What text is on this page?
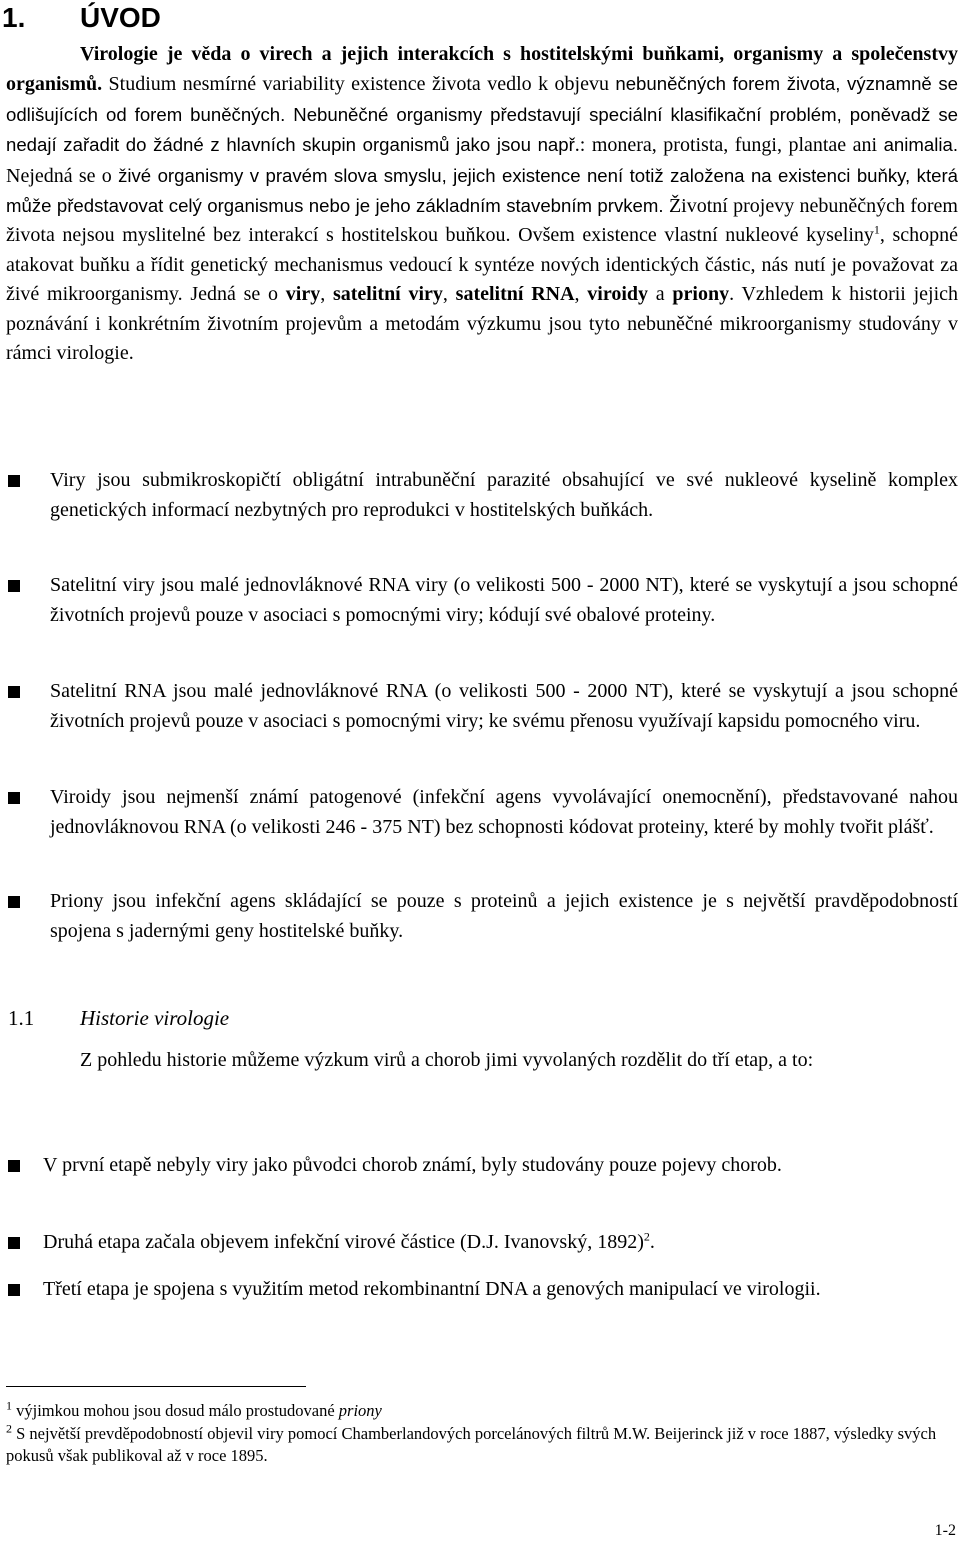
1. ÚVOD
Virologie je věda o virech a jejich interakcích s hostitelskými buňkami, organismy a společenstvy organismů. Studium nesmírné variability existence života vedlo k objevu nebuněčných forem života, významně se odlišujících od forem buněčných. Nebuněčné organismy představují speciální klasifikační problém, poněvadž se nedají zařadit do žádné z hlavních skupin organismů jako jsou např.: monera, protista, fungi, plantae ani animalia. Nejedná se o živé organismy v pravém slova smyslu, jejich existence není totiž založena na existenci buňky, která může představovat celý organismus nebo je jeho základním stavebním prvkem. Životní projevy nebuněčných forem života nejsou myslitelné bez interakcí s hostitelskou buňkou. Ovšem existence vlastní nukleové kyseliny$^1$, schopné atakovat buňku a řídit genetický mechanismus vedoucí k syntéze nových identických částic, nás nutí je považovat za živé mikroorganismy. Jedná se o viry, satelitní viry, satelitní RNA, viroidy a priony. Vzhledem k historii jejich poznávání i konkrétním životním projevům a metodám výzkumu jsou tyto nebuněčné mikroorganismy studovány v rámci virologie.
Viry jsou submikroskopičtí obligátní intrabuněční parazité obsahující ve své nukleové kyselině komplex genetických informací nezbytných pro reprodukci v hostitelských buňkách.
Satelitní viry jsou malé jednovláknové RNA viry (o velikosti 500 - 2000 NT), které se vyskytují a jsou schopné životních projevů pouze v asociaci s pomocnými viry; kódují své obalové proteiny.
Satelitní RNA jsou malé jednovláknové RNA (o velikosti 500 - 2000 NT), které se vyskytují a jsou schopné životních projevů pouze v asociaci s pomocnými viry; ke svému přenosu využívají kapsidu pomocného viru.
Viroidy jsou nejmenší známí patogenové (infekční agens vyvolávající onemocnění), představované nahou jednovláknovou RNA (o velikosti 246 - 375 NT) bez schopnosti kódovat proteiny, které by mohly tvořit plášť.
Priony jsou infekční agens skládající se pouze s proteinů a jejich existence je s největší pravděpodobností spojena s jadernými geny hostitelské buňky.
1.1 Historie virologie
Z pohledu historie můžeme výzkum virů a chorob jimi vyvolaných rozdělit do tří etap, a to:
V první etapě nebyly viry jako původci chorob známí, byly studovány pouze pojevy chorob.
Druhá etapa začala objevem infekční virové částice (D.J. Ivanovský, 1892)$^2$.
Třetí etapa je spojena s využitím metod rekombinantní DNA a genových manipulací ve virologii.
$^1$ výjimkou mohou jsou dosud málo prostudované priony
$^2$ S největší prevděpodobností objevil viry pomocí Chamberlandových porcelánových filtrů M.W. Beijerinck již v roce 1887, výsledky svých pokusů však publikoval až v roce 1895.
1-2
